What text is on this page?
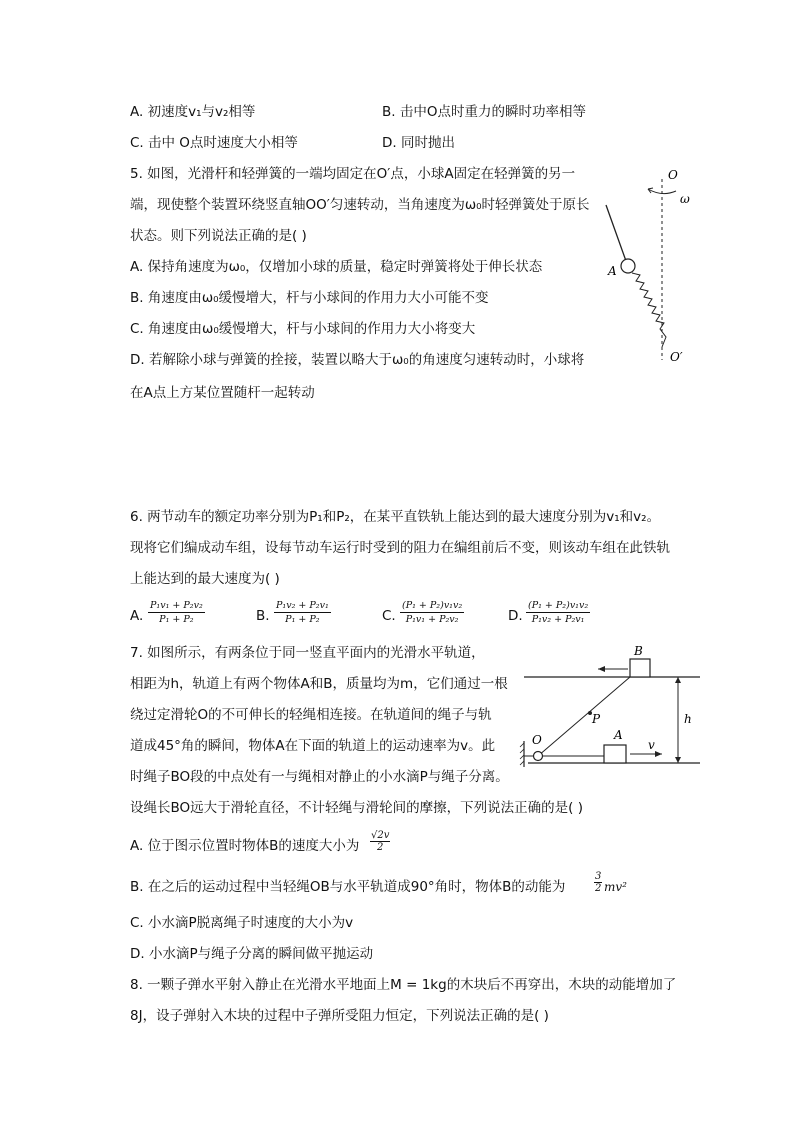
A. 初速度v₁与v₂相等	B. 击中O点时重力的瞬时功率相等
C. 击中 O点时速度大小相等	D. 同时抛出
5. 如图，光滑杆和轻弹簧的一端均固定在O′点，小球A固定在轻弹簧的另一
端，现使整个装置环绕竖直轴OO′匀速转动，当角速度为ω₀时轻弹簧处于原长
状态。则下列说法正确的是( )
A. 保持角速度为ω₀，仅增加小球的质量，稳定时弹簧将处于伸长状态
B. 角速度由ω₀缓慢增大，杆与小球间的作用力大小可能不变
C. 角速度由ω₀缓慢增大，杆与小球间的作用力大小将变大
D. 若解除小球与弹簧的拴接，装置以略大于ω₀的角速度匀速转动时，小球将
在A点上方某位置随杆一起转动
O
ω
A
O′
6. 两节动车的额定功率分别为P₁和P₂，在某平直铁轨上能达到的最大速度分别为v₁和v₂。
现将它们编成动车组，设每节动车运行时受到的阻力在编组前后不变，则该动车组在此铁轨
上能达到的最大速度为( )
A. $\frac{\text{P₁v₁ + P₂v₂}}{\text{P₁ + P₂}}$	B. $\frac{\text{P₁v₂ + P₂v₁}}{\text{P₁ + P₂}}$	C. $\frac{\text{(P₁ + P₂)v₁v₂}}{\text{P₁v₁ + P₂v₂}}$	D. $\frac{\text{(P₁ + P₂)v₁v₂}}{\text{P₁v₂ + P₂v₁}}$
7. 如图所示，有两条位于同一竖直平面内的光滑水平轨道，
相距为h，轨道上有两个物体A和B，质量均为m，它们通过一根
绕过定滑轮O的不可伸长的轻绳相连接。在轨道间的绳子与轨
道成45°角的瞬间，物体A在下面的轨道上的运动速率为v。此
时绳子BO段的中点处有一与绳相对静止的小水滴P与绳子分离。
设绳长BO远大于滑轮直径，不计轻绳与滑轮间的摩擦，下列说法正确的是( )
A. 位于图示位置时物体B的速度大小为 $\frac{√2v}{2}$
B. 在之后的运动过程中当轻绳OB与水平轨道成90°角时，物体B的动能为	$\frac{3}{2} mv^2$
C. 小水滴P脱离绳子时速度的大小为v
D. 小水滴P与绳子分离的瞬间做平抛运动
B
P	h
O	A
v
8. 一颗子弹水平射入静止在光滑水平地面上M = 1kg的木块后不再穿出，木块的动能增加了
8J，设子弹射入木块的过程中子弹所受阻力恒定，下列说法正确的是( )
